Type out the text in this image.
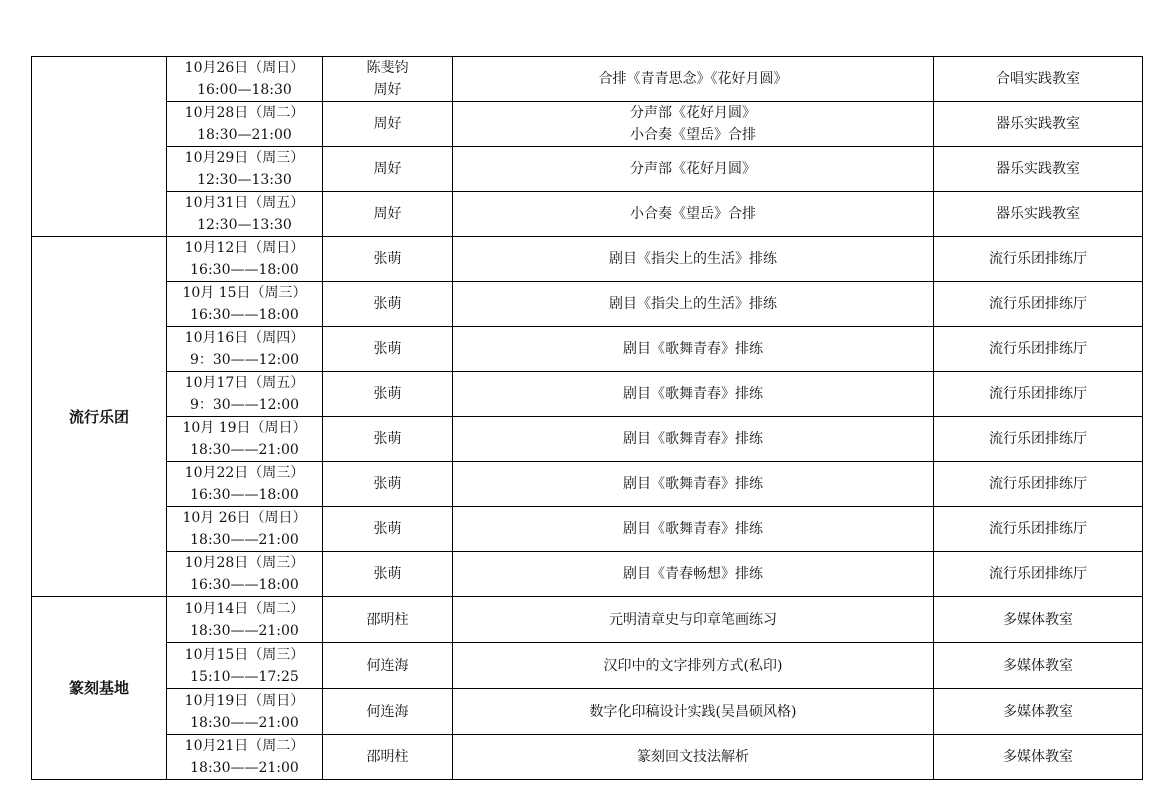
	10月26日（周日）
16:00—18:30	陈斐钧
周好	合排《青青思念》《花好月圆》	合唱实践教室

	10月28日（周二）
18:30—21:00	周好	分声部《花好月圆》
小合奏《望岳》合排	器乐实践教室

	10月29日（周三）
12:30—13:30	周好	分声部《花好月圆》	器乐实践教室

	10月31日（周五）
12:30—13:30	周好	小合奏《望岳》合排	器乐实践教室
流行乐团	10月12日（周日）
16:30——18:00	张萌	剧目《指尖上的生活》排练	流行乐团排练厅

	10月 15日（周三）
16:30——18:00	张萌	剧目《指尖上的生活》排练	流行乐团排练厅

	10月16日（周四）
9：30——12:00	张萌	剧目《歌舞青春》排练	流行乐团排练厅

	10月17日（周五）
9：30——12:00	张萌	剧目《歌舞青春》排练	流行乐团排练厅

	10月 19日（周日）
18:30——21:00	张萌	剧目《歌舞青春》排练	流行乐团排练厅

	10月22日（周三）
16:30——18:00	张萌	剧目《歌舞青春》排练	流行乐团排练厅

	10月 26日（周日）
18:30——21:00	张萌	剧目《歌舞青春》排练	流行乐团排练厅

	10月28日（周三）
16:30——18:00	张萌	剧目《青春畅想》排练	流行乐团排练厅
篆刻基地	10月14日（周二）
18:30——21:00	邵明柱	元明清章史与印章笔画练习	多媒体教室

	10月15日（周三）
15:10——17:25	何连海	汉印中的文字排列方式(私印)	多媒体教室

	10月19日（周日）
18:30——21:00	何连海	数字化印稿设计实践(吴昌硕风格)	多媒体教室

	10月21日（周二）
18:30——21:00	邵明柱	篆刻回文技法解析	多媒体教室
